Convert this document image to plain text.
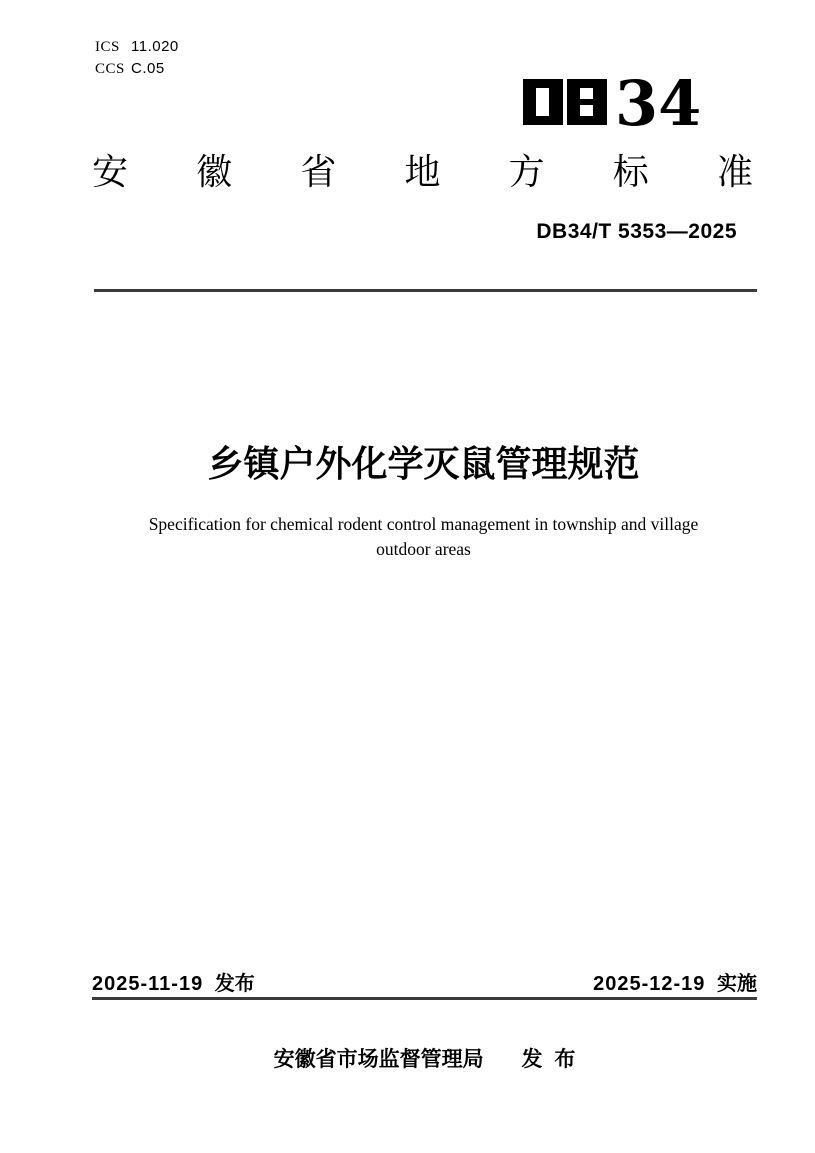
ICS 11.020
CCS C.05	34
安 徽 省 地 方 标 准
DB34/T 5353—2025
乡镇户外化学灭鼠管理规范
Specification for chemical rodent control management in township and village
outdoor areas
2025-11-19 发布	2025-12-19 实施
安徽省市场监督管理局 发 布
